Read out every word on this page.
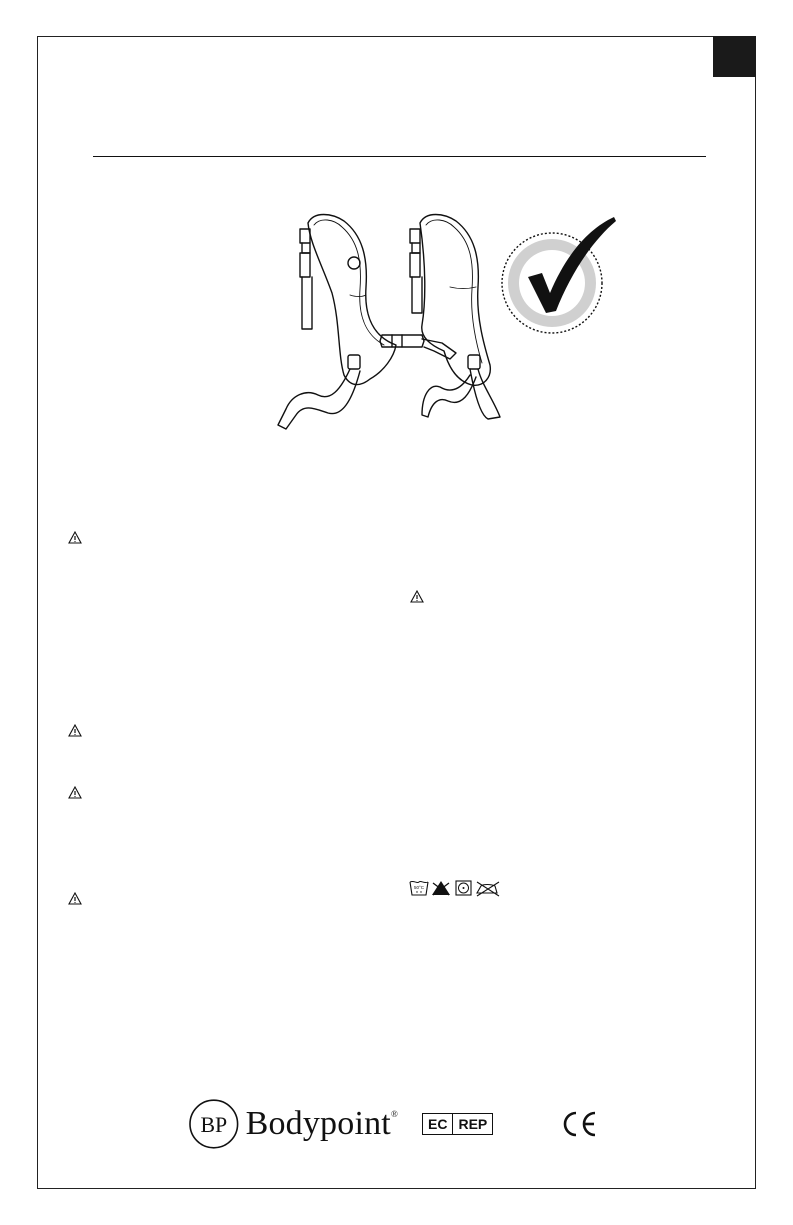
50°C
BP Bodypoint®
EC REP
